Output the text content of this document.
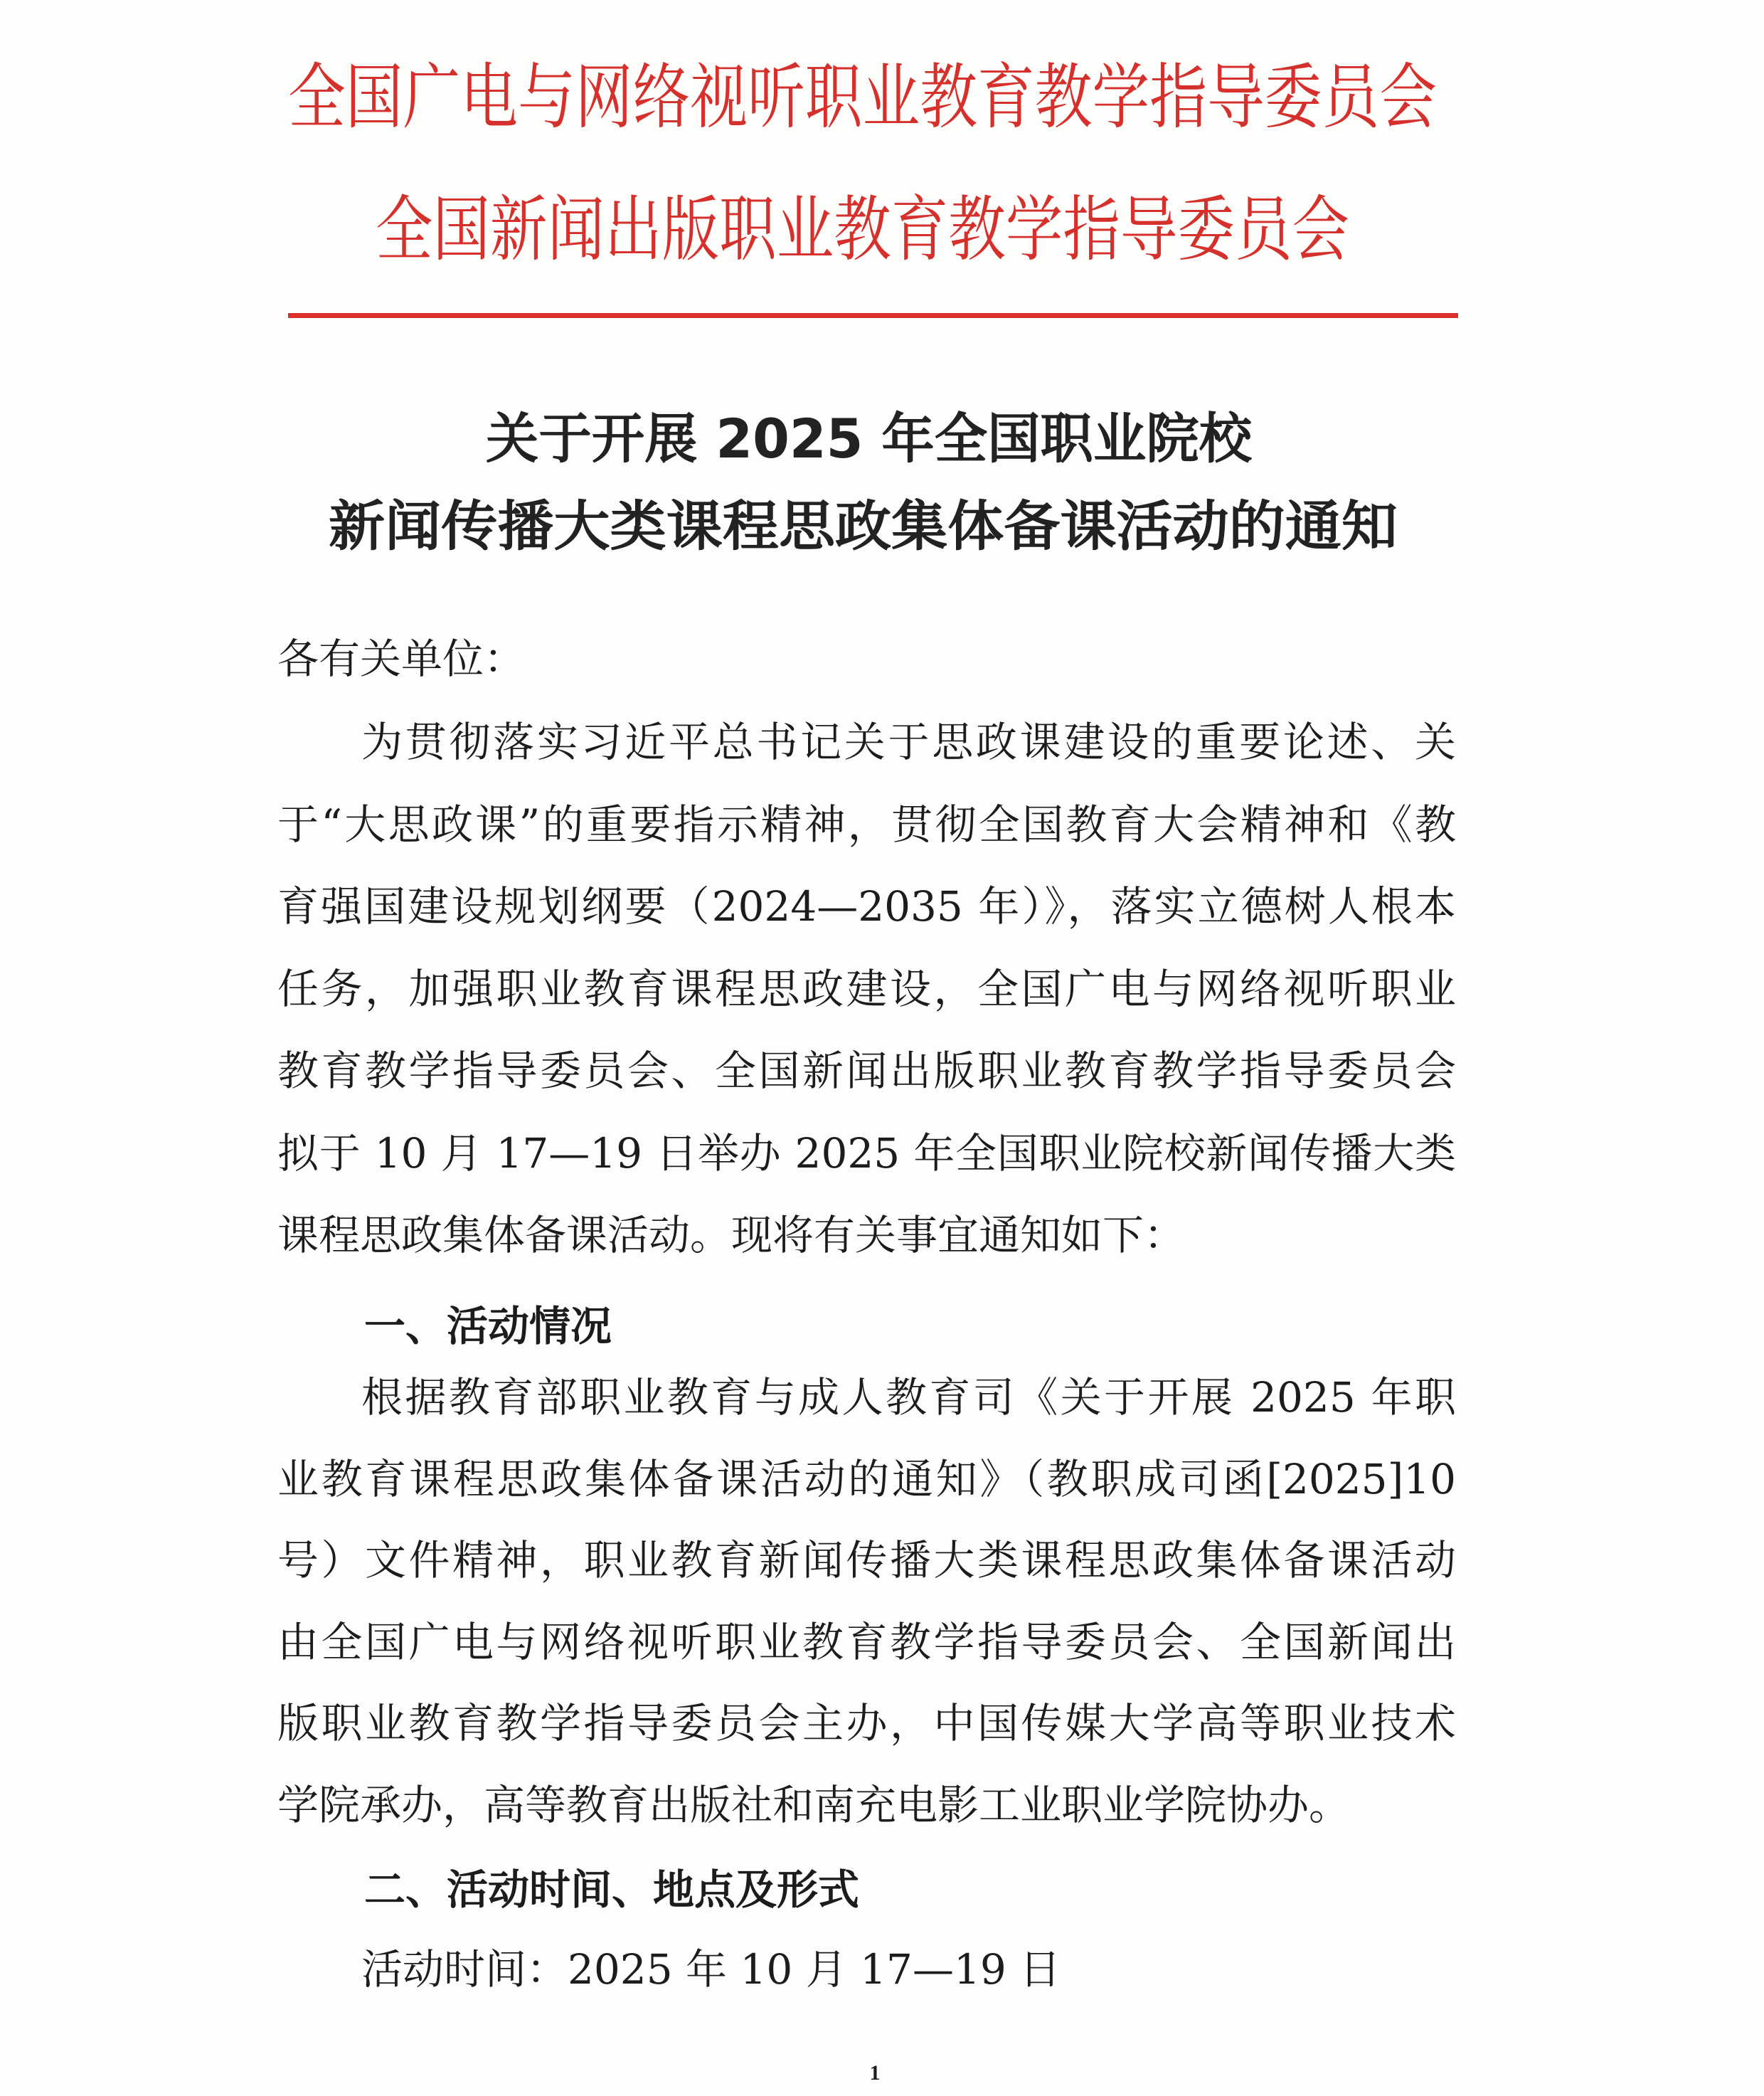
全国广电与网络视听职业教育教学指导委员会
全国新闻出版职业教育教学指导委员会
关于开展 2025 年全国职业院校
新闻传播大类课程思政集体备课活动的通知
各有关单位：
为贯彻落实习近平总书记关于思政课建设的重要论述、关
于“大思政课”的重要指示精神，贯彻全国教育大会精神和《教
育强国建设规划纲要（2024—2035 年）》，落实立德树人根本
任务，加强职业教育课程思政建设，全国广电与网络视听职业
教育教学指导委员会、全国新闻出版职业教育教学指导委员会
拟于 10 月 17—19 日举办 2025 年全国职业院校新闻传播大类
课程思政集体备课活动。现将有关事宜通知如下：
一、活动情况
根据教育部职业教育与成人教育司《关于开展 2025 年职
业教育课程思政集体备课活动的通知》（教职成司函[2025]10
号）文件精神，职业教育新闻传播大类课程思政集体备课活动
由全国广电与网络视听职业教育教学指导委员会、全国新闻出
版职业教育教学指导委员会主办，中国传媒大学高等职业技术
学院承办，高等教育出版社和南充电影工业职业学院协办。
二、活动时间、地点及形式
活动时间：2025 年 10 月 17—19 日
1
